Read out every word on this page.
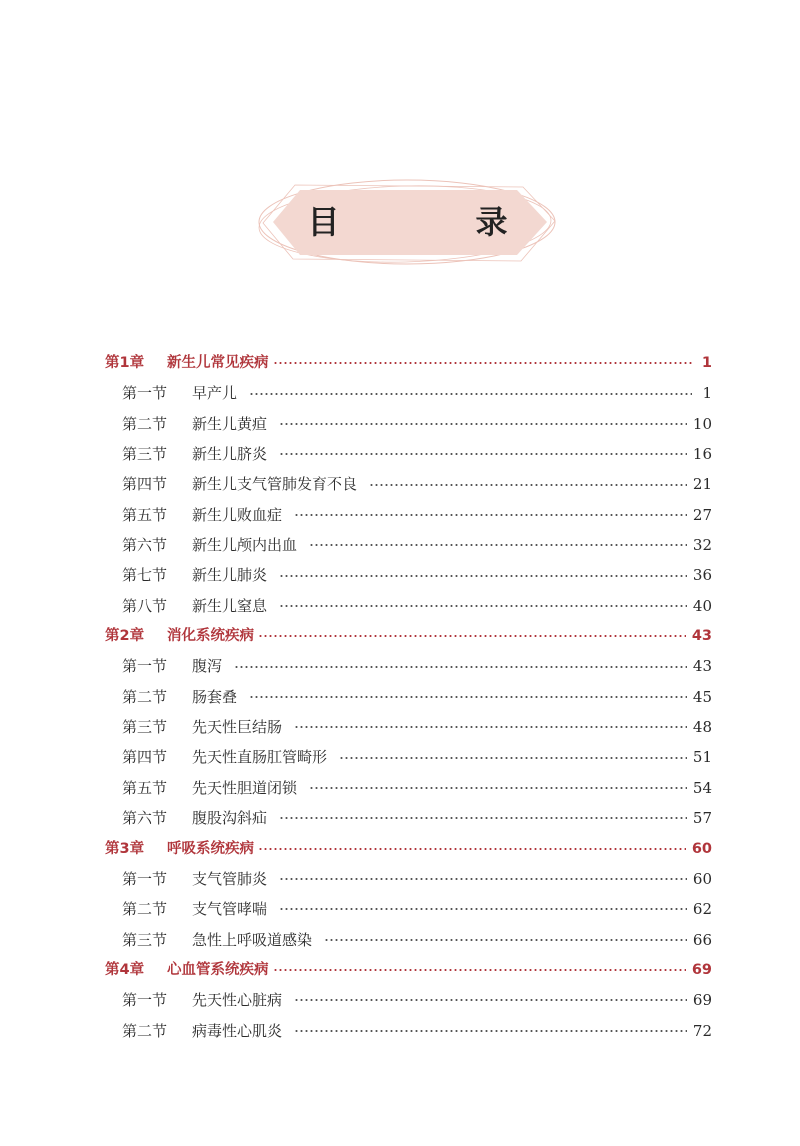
目　录
第1章	新生儿常见疾病	1
第一节	早产儿	1
第二节	新生儿黄疸	10
第三节	新生儿脐炎	16
第四节	新生儿支气管肺发育不良	21
第五节	新生儿败血症	27
第六节	新生儿颅内出血	32
第七节	新生儿肺炎	36
第八节	新生儿窒息	40
第2章	消化系统疾病	43
第一节	腹泻	43
第二节	肠套叠	45
第三节	先天性巨结肠	48
第四节	先天性直肠肛管畸形	51
第五节	先天性胆道闭锁	54
第六节	腹股沟斜疝	57
第3章	呼吸系统疾病	60
第一节	支气管肺炎	60
第二节	支气管哮喘	62
第三节	急性上呼吸道感染	66
第4章	心血管系统疾病	69
第一节	先天性心脏病	69
第二节	病毒性心肌炎	72
